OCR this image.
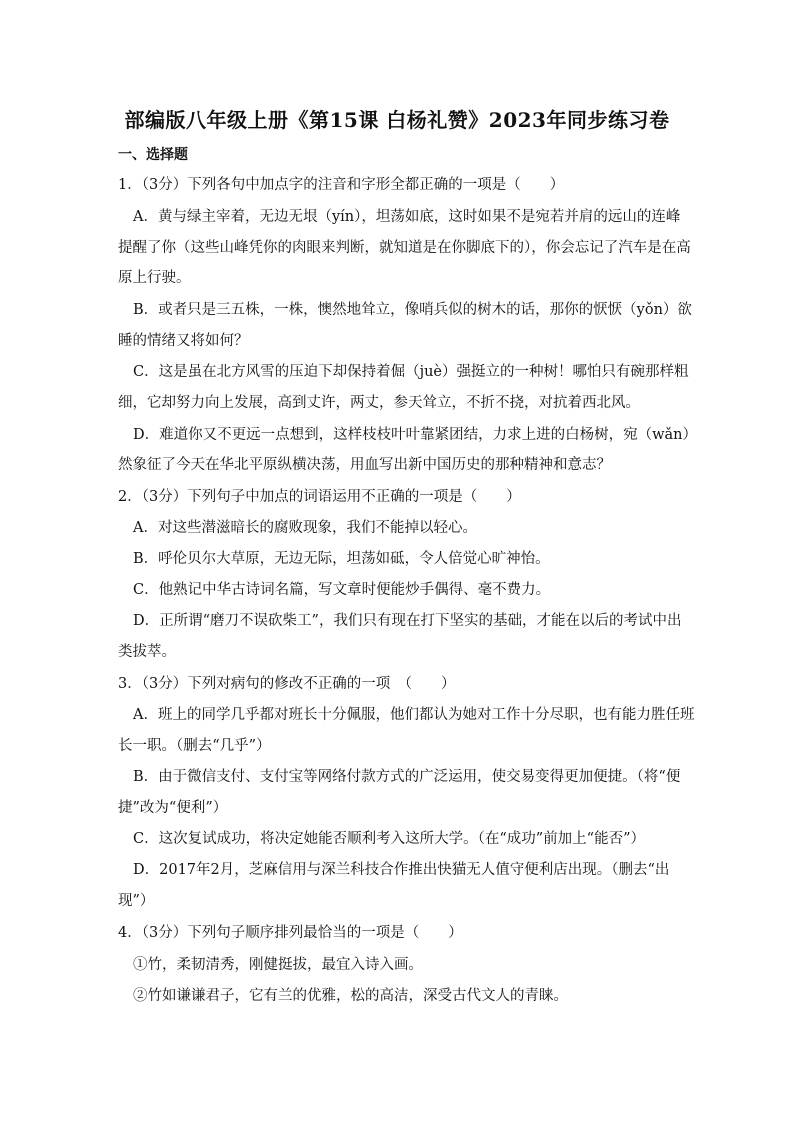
部编版八年级上册《第15课 白杨礼赞》2023年同步练习卷
一、选择题
1．（3分）下列各句中加点字的注音和字形全都正确的一项是（　　）
A．黄与绿主宰着，无边无垠（yín），坦荡如底，这时如果不是宛若并肩的远山的连峰
提醒了你（这些山峰凭你的肉眼来判断，就知道是在你脚底下的），你会忘记了汽车是在高
原上行驶。
B．或者只是三五株，一株，懊然地耸立，像哨兵似的树木的话，那你的恹恹（yǒn）欲
睡的情绪又将如何？
C．这是虽在北方风雪的压迫下却保持着倔（juè）强挺立的一种树！哪怕只有碗那样粗
细，它却努力向上发展，高到丈许，两丈，参天耸立，不折不挠，对抗着西北风。
D．难道你又不更远一点想到，这样枝枝叶叶靠紧团结，力求上进的白杨树，宛（wǎn）
然象征了今天在华北平原纵横决荡，用血写出新中国历史的那种精神和意志？
2．（3分）下列句子中加点的词语运用不正确的一项是（　　）
A．对这些潜滋暗长的腐败现象，我们不能掉以轻心。
B．呼伦贝尔大草原，无边无际，坦荡如砥，令人倍觉心旷神怡。
C．他熟记中华古诗词名篇，写文章时便能炒手偶得、毫不费力。
D．正所谓“磨刀不误砍柴工”，我们只有现在打下坚实的基础，才能在以后的考试中出
类拔萃。
3．（3分）下列对病句的修改不正确的一项　（　　）
A．班上的同学几乎都对班长十分佩服，他们都认为她对工作十分尽职，也有能力胜任班
长一职。（删去“几乎”）
B．由于微信支付、支付宝等网络付款方式的广泛运用，使交易变得更加便捷。（将“便
捷”改为“便利”）
C．这次复试成功，将决定她能否顺利考入这所大学。（在“成功”前加上“能否”）
D．2017年2月，芝麻信用与深兰科技合作推出快猫无人值守便利店出现。（删去“出
现”）
4．（3分）下列句子顺序排列最恰当的一项是（　　）
①竹，柔韧清秀，刚健挺拔，最宜入诗入画。
②竹如谦谦君子，它有兰的优雅，松的高洁，深受古代文人的青睐。
